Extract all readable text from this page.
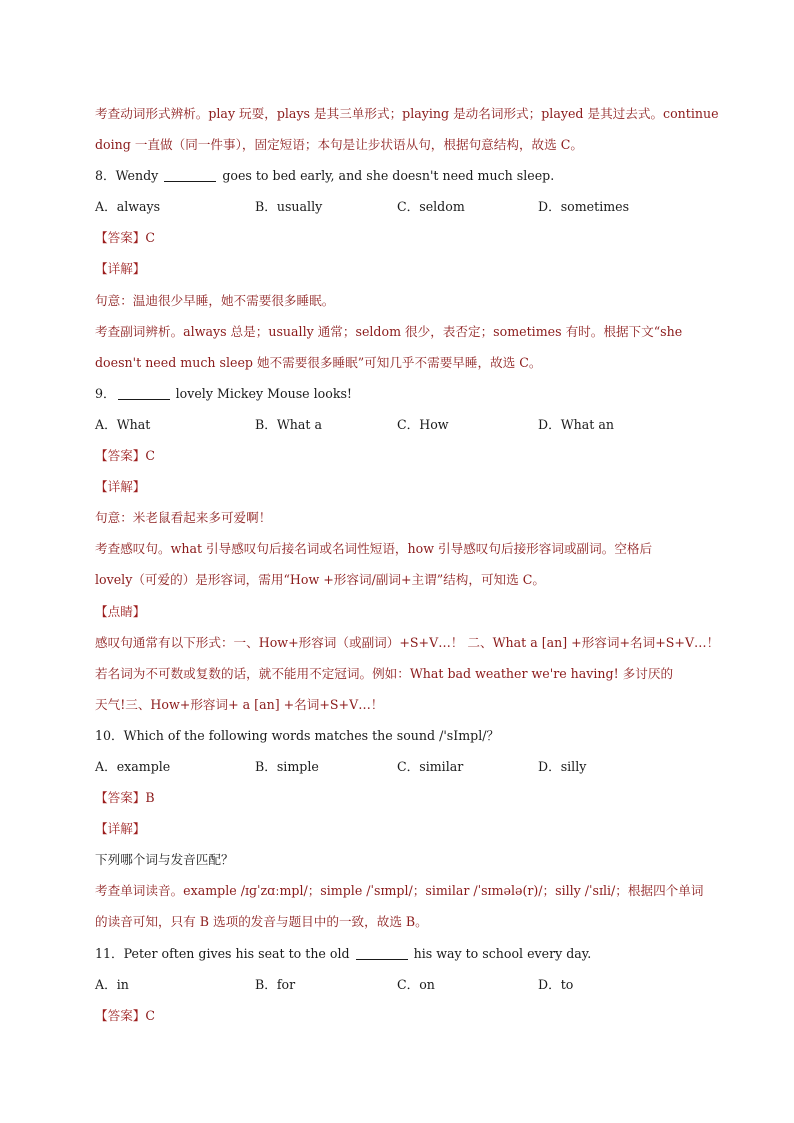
考查动词形式辨析。play 玩耍，plays 是其三单形式；playing 是动名词形式；played 是其过去式。continue
doing 一直做（同一件事），固定短语；本句是让步状语从句，根据句意结构，故选 C。
8．Wendy	goes to bed early, and she doesn't need much sleep.
A．always	B．usually	C．seldom	D．sometimes
【答案】C
【详解】
句意：温迪很少早睡，她不需要很多睡眠。
考查副词辨析。always 总是；usually 通常；seldom 很少，表否定；sometimes 有时。根据下文“she
doesn't need much sleep 她不需要很多睡眠”可知几乎不需要早睡，故选 C。
9．	lovely Mickey Mouse looks!
A．What	B．What a	C．How	D．What an
【答案】C
【详解】
句意：米老鼠看起来多可爱啊！
考查感叹句。what 引导感叹句后接名词或名词性短语，how 引导感叹句后接形容词或副词。空格后
lovely（可爱的）是形容词，需用“How +形容词/副词+主谓”结构，可知选 C。
【点睛】
感叹句通常有以下形式：一、How+形容词（或副词）+S+V…！ 二、What a [an] +形容词+名词+S+V…！
若名词为不可数或复数的话，就不能用不定冠词。例如：What bad weather we're having! 多讨厌的
天气!三、How+形容词+ a [an] +名词+S+V…！
10．Which of the following words matches the sound /'sImpl/？
A．example	B．simple	C．similar	D．silly
【答案】B
【详解】
下列哪个词与发音匹配？
考查单词读音。example /ɪɡˈzɑːmpl/；simple /ˈsɪmpl/；similar /ˈsɪmələ(r)/；silly /ˈsɪli/；根据四个单词
的读音可知，只有 B 选项的发音与题目中的一致，故选 B。
11．Peter often gives his seat to the old	his way to school every day.
A．in	B．for	C．on	D．to
【答案】C
